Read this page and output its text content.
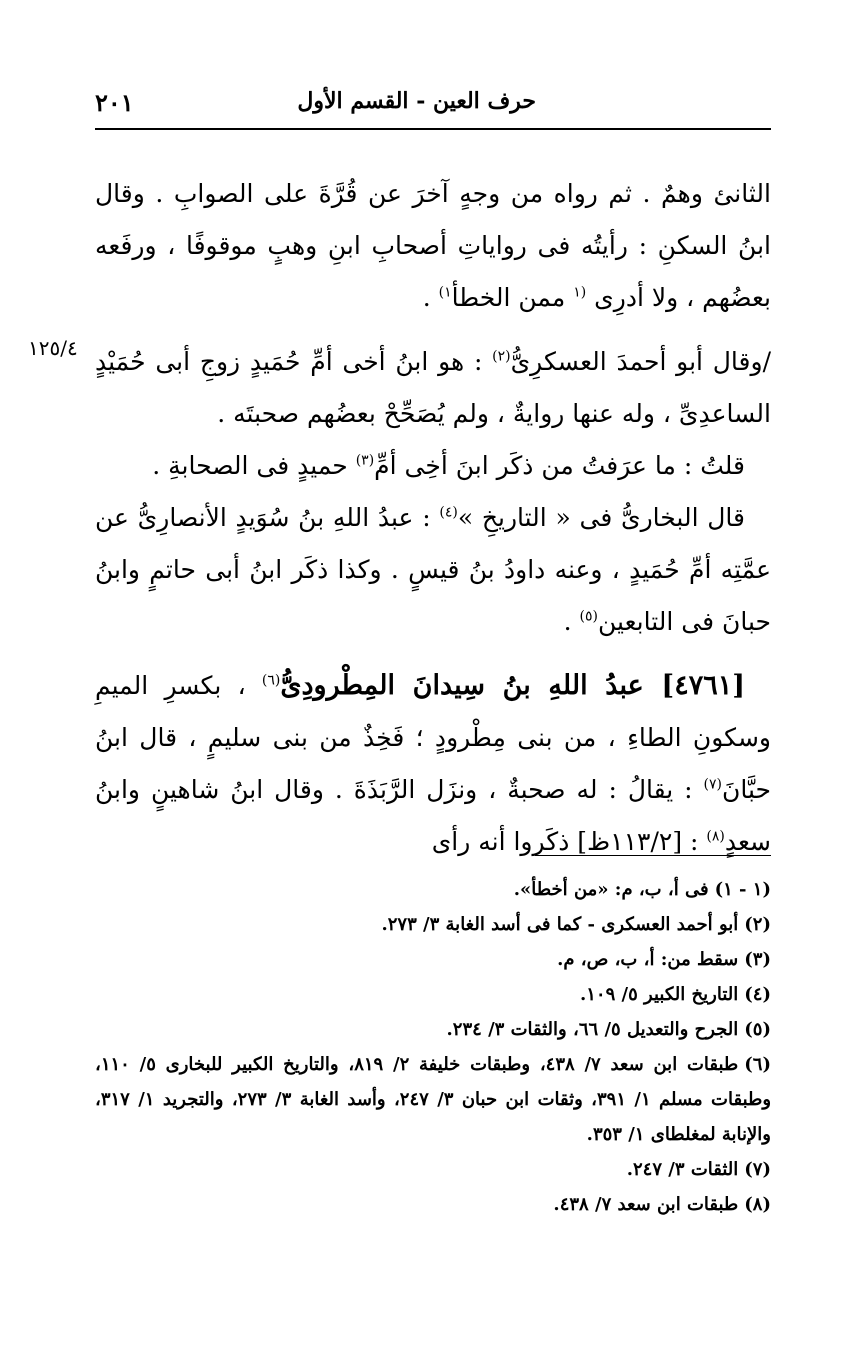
حرف العين - القسم الأول
٢٠١
١٢٥/٤

الثانئ وهمٌ . ثم رواه من وجهٍ آخرَ عن قُرَّةَ على الصوابِ . وقال ابنُ السكنِ : رأيتُه فى رواياتِ أصحابِ ابنِ وهبٍ موقوفًا ، ورفَعه بعضُهم ، ولا أدرِى $^{(١}$ ممن الخطأ$^{١)}$ .

/وقال أبو أحمدَ العسكرِىُّ$^{(٢)}$ : هو ابنُ أخى أمِّ حُمَيدٍ زوجِ أبى حُمَيْدٍ الساعدِىِّ ، وله عنها روايةٌ ، ولم يُصَحِّحْ بعضُهم صحبتَه .

قلتُ : ما عرَفتُ من ذكَر ابنَ أخِى أمِّ$^{(٣)}$ حميدٍ فى الصحابةِ .

قال البخارىُّ فى « التاريخِ »$^{(٤)}$ : عبدُ اللهِ بنُ سُوَيدٍ الأنصارِىُّ عن عمَّتِه أمِّ حُمَيدٍ ، وعنه داودُ بنُ قيسٍ . وكذا ذكَر ابنُ أبى حاتمٍ وابنُ حبانَ فى التابعين$^{(٥)}$ .

[٤٧٦١] عبدُ اللهِ بنُ سِيدانَ المِطْرودِىُّ$^{(٦)}$ ، بكسرِ الميمِ وسكونِ الطاءِ ، من بنى مِطْرودٍ ؛ فَخِذٌ من بنى سليمٍ ، قال ابنُ حبَّانَ$^{(٧)}$ : يقالُ : له صحبةٌ ، ونزَل الرَّبَذَةَ . وقال ابنُ شاهينٍ وابنُ سعدٍ$^{(٨)}$ : [١١٣/٢ظ] ذكَروا أنه رأى

(١ - ١)فى أ، ب، م: «من أخطأ».

(٢)أبو أحمد العسكرى - كما فى أسد الغابة ٣/ ٢٧٣.

(٣)سقط من: أ، ب، ص، م.

(٤)التاريخ الكبير ٥/ ١٠٩.

(٥)الجرح والتعديل ٥/ ٦٦، والثقات ٣/ ٢٣٤.

(٦)طبقات ابن سعد ٧/ ٤٣٨، وطبقات خليفة ٢/ ٨١٩، والتاريخ الكبير للبخارى ٥/ ١١٠، وطبقات مسلم ١/ ٣٩١، وثقات ابن حبان ٣/ ٢٤٧، وأسد الغابة ٣/ ٢٧٣، والتجريد ١/ ٣١٧، والإنابة لمغلطاى ١/ ٣٥٣.

(٧)الثقات ٣/ ٢٤٧.

(٨)طبقات ابن سعد ٧/ ٤٣٨.
